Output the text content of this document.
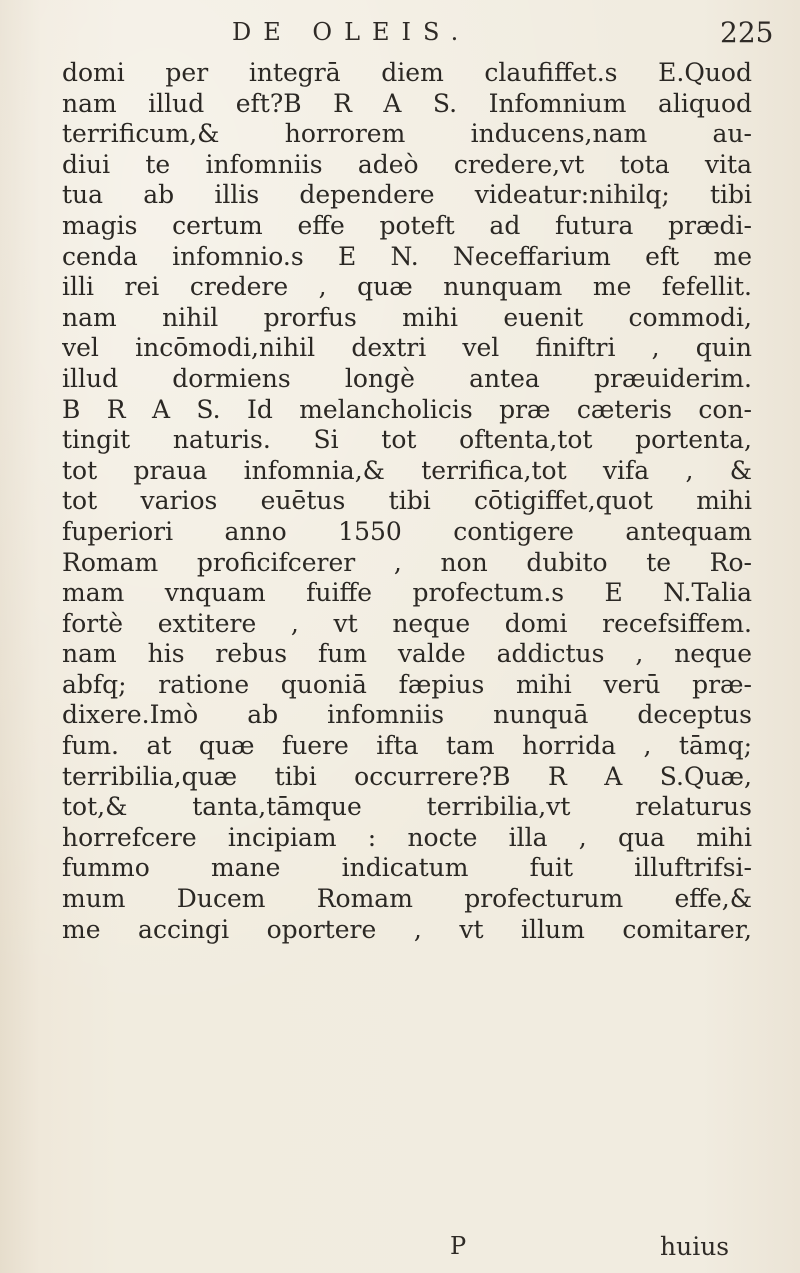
DE OLEIS.	225
domi per integrā diem claufiffet.s E.Quod
nam illud eft?B R A S. Infomnium aliquod
terrificum,& horrorem inducens,nam au-
diui te infomniis adeò credere,vt tota vita
tua ab illis dependere videatur:nihilq; tibi
magis certum effe poteft ad futura prædi-
cenda infomnio.s E N. Neceffarium eft me
illi rei credere , quæ nunquam me fefellit.
nam nihil prorfus mihi euenit commodi,
vel incōmodi,nihil dextri vel finiftri , quin
illud dormiens longè antea præuiderim.
B R A S. Id melancholicis præ cæteris con-
tingit naturis. Si tot oftenta,tot portenta,
tot praua infomnia,& terrifica,tot vifa , &
tot varios euētus tibi cōtigiffet,quot mihi
fuperiori anno 1550 contigere antequam
Romam proficifcerer , non dubito te Ro-
mam vnquam fuiffe profectum.s E N.Talia
fortè extitere , vt neque domi recefsiffem.
nam his rebus fum valde addictus , neque
abfq; ratione quoniā fæpius mihi verū præ-
dixere.Imò ab infomniis nunquā deceptus
fum. at quæ fuere ifta tam horrida , tāmq;
terribilia,quæ tibi occurrere?B R A S.Quæ,
tot,& tanta,tāmque terribilia,vt relaturus
horrefcere incipiam : nocte illa , qua mihi
fummo mane indicatum fuit illuftrifsi-
mum Ducem Romam profecturum effe,&
me accingi oportere , vt illum comitarer,
P	huius
